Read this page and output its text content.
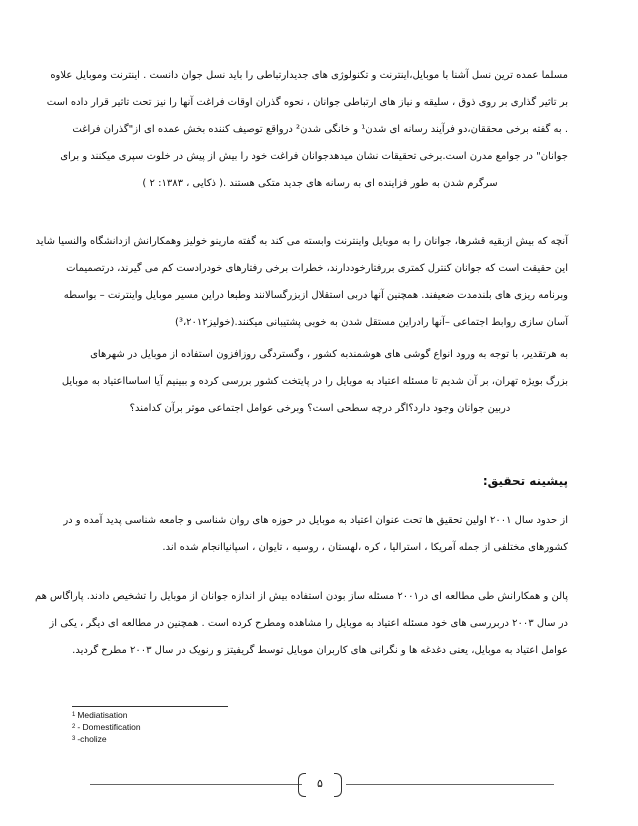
مسلما عمده ترین نسل آشنا با موبایل،اینترنت و تکنولوژی های جدیدارتباطی را باید نسل جوان دانست . اینترنت وموبایل علاوه
بر تاثیر گذاری بر روی ذوق ، سلیقه و نیاز های ارتباطی جوانان ، نحوه گذران اوقات فراغت آنها را نیز تحت تاثیر قرار داده است
. به گفته برخی محققان،دو فرآیند رسانه ای شدن¹ و خانگی شدن² درواقع توصیف کننده بخش عمده ای از"گذران فراغت
جوانان" در جوامع مدرن است.برخی تحقیقات نشان میدهدجوانان فراغت خود را بیش از پیش در خلوت سپری میکنند و برای
سرگرم شدن به طور فزاینده ای به رسانه های جدید متکی هستند .( ذکایی ، ۱۳۸۳: ۲ )
آنچه که بیش ازبقیه قشرها، جوانان را به موبایل واینترنت وابسته می کند به گفته مارینو خولیز وهمکارانش ازدانشگاه والنسیا شاید
این حقیقت است که جوانان کنترل کمتری بررفتارخوددارند، خطرات برخی رفتارهای خودرادست کم می گیرند، درتصمیمات
وبرنامه ریزی های بلندمدت ضعیفند. همچنین آنها دربی استقلال ازبزرگسالانند وطبعا دراین مسیر موبایل واینترنت – بواسطه
آسان سازی روابط اجتماعی –آنها رادراین مستقل شدن به خوبی پشتیبانی میکنند.(خولیز³،۲۰۱۲)
به هرتقدیر، با توجه به ورود انواع گوشی های هوشمندبه کشور ، وگستردگی روزافزون استفاده از موبایل در شهرهای
بزرگ بویژه تهران، بر آن شدیم تا مسئله اعتیاد به موبایل را در پایتخت کشور بررسی کرده و ببینیم آیا اساسااعتیاد به موبایل
دربین جوانان وجود دارد؟اگر درچه سطحی است؟ وبرخی عوامل اجتماعی موثر برآن کدامند؟
پیشینه تحقیق:
از حدود سال ۲۰۰۱ اولین تحقیق ها تحت عنوان اعتیاد به موبایل در حوزه های روان شناسی و جامعه شناسی پدید آمده و در
کشورهای مختلفی از جمله آمریکا ، استرالیا ، کره ،لهستان ، روسیه ، تایوان ، اسپانیاانجام شده اند.
پالن و همکارانش طی مطالعه ای در۲۰۰۱ مسئله ساز بودن استفاده بیش از اندازه جوانان از موبایل را تشخیص دادند. پاراگاس هم
در سال ۲۰۰۳ دربررسی های خود مسئله اعتیاد به موبایل را مشاهده ومطرح کرده است . همچنین در مطالعه ای دیگر ، یکی از
عوامل اعتیاد به موبایل، یعنی دغدغه ها و نگرانی های کاربران موبایل توسط گریفیتز و رنویک در سال ۲۰۰۳ مطرح گردید.
$^1$ Mediatisation
$^2$ - Domestification
$^3$ -cholize
۵
